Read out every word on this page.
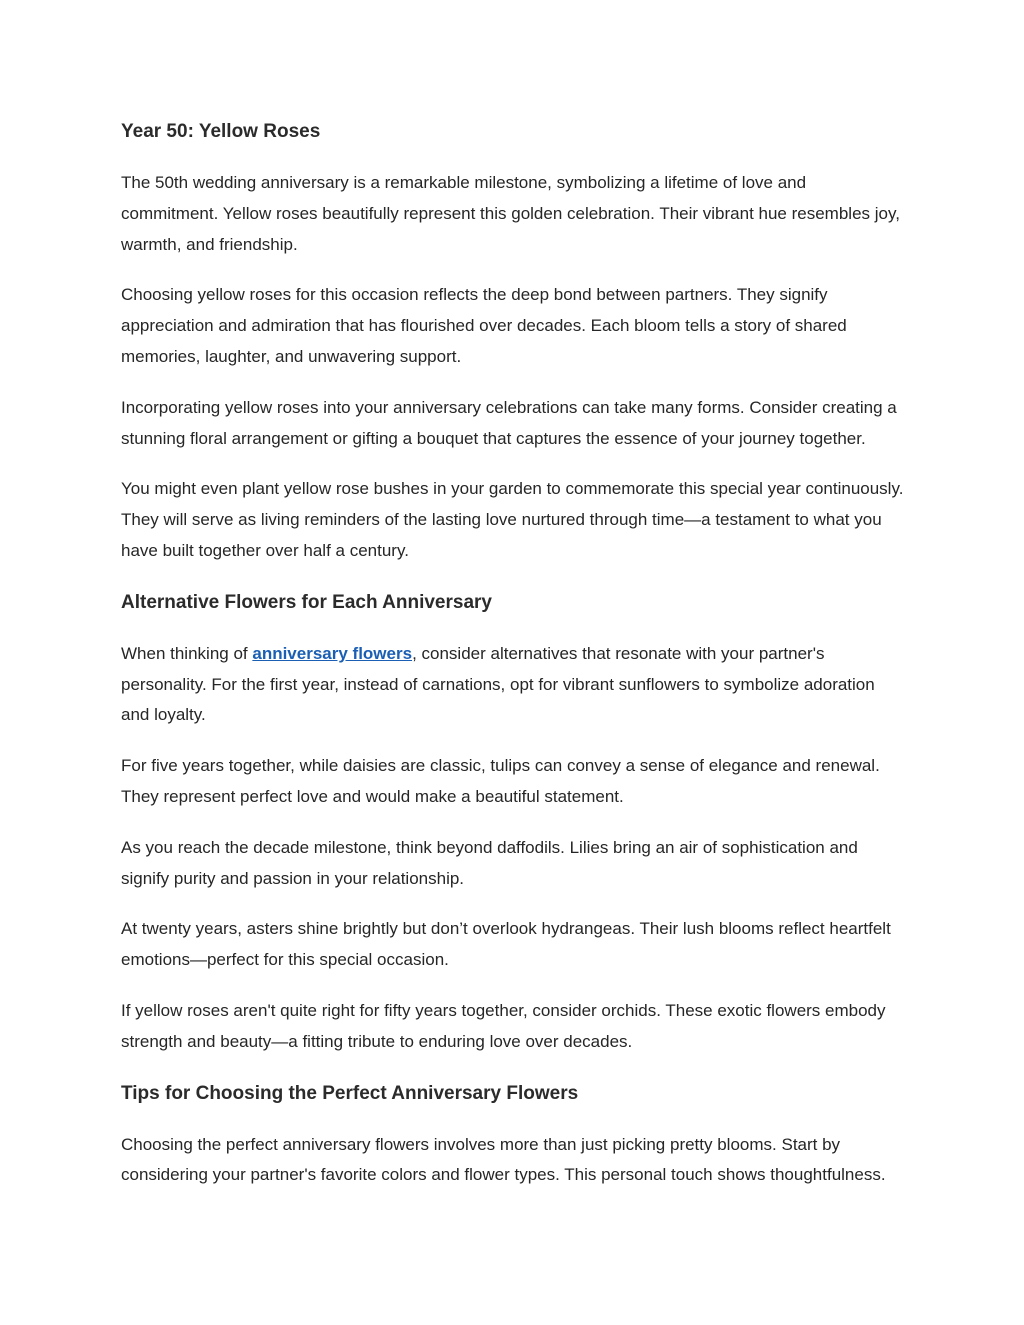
Year 50: Yellow Roses

The 50th wedding anniversary is a remarkable milestone, symbolizing a lifetime of love and commitment. Yellow roses beautifully represent this golden celebration. Their vibrant hue resembles joy, warmth, and friendship.

Choosing yellow roses for this occasion reflects the deep bond between partners. They signify appreciation and admiration that has flourished over decades. Each bloom tells a story of shared memories, laughter, and unwavering support.

Incorporating yellow roses into your anniversary celebrations can take many forms. Consider creating a stunning floral arrangement or gifting a bouquet that captures the essence of your journey together.

You might even plant yellow rose bushes in your garden to commemorate this special year continuously. They will serve as living reminders of the lasting love nurtured through time—a testament to what you have built together over half a century.

Alternative Flowers for Each Anniversary

When thinking of anniversary flowers, consider alternatives that resonate with your partner's personality. For the first year, instead of carnations, opt for vibrant sunflowers to symbolize adoration and loyalty.

For five years together, while daisies are classic, tulips can convey a sense of elegance and renewal. They represent perfect love and would make a beautiful statement.

As you reach the decade milestone, think beyond daffodils. Lilies bring an air of sophistication and signify purity and passion in your relationship.

At twenty years, asters shine brightly but don’t overlook hydrangeas. Their lush blooms reflect heartfelt emotions—perfect for this special occasion.

If yellow roses aren't quite right for fifty years together, consider orchids. These exotic flowers embody strength and beauty—a fitting tribute to enduring love over decades.

Tips for Choosing the Perfect Anniversary Flowers

Choosing the perfect anniversary flowers involves more than just picking pretty blooms. Start by considering your partner's favorite colors and flower types. This personal touch shows thoughtfulness.
